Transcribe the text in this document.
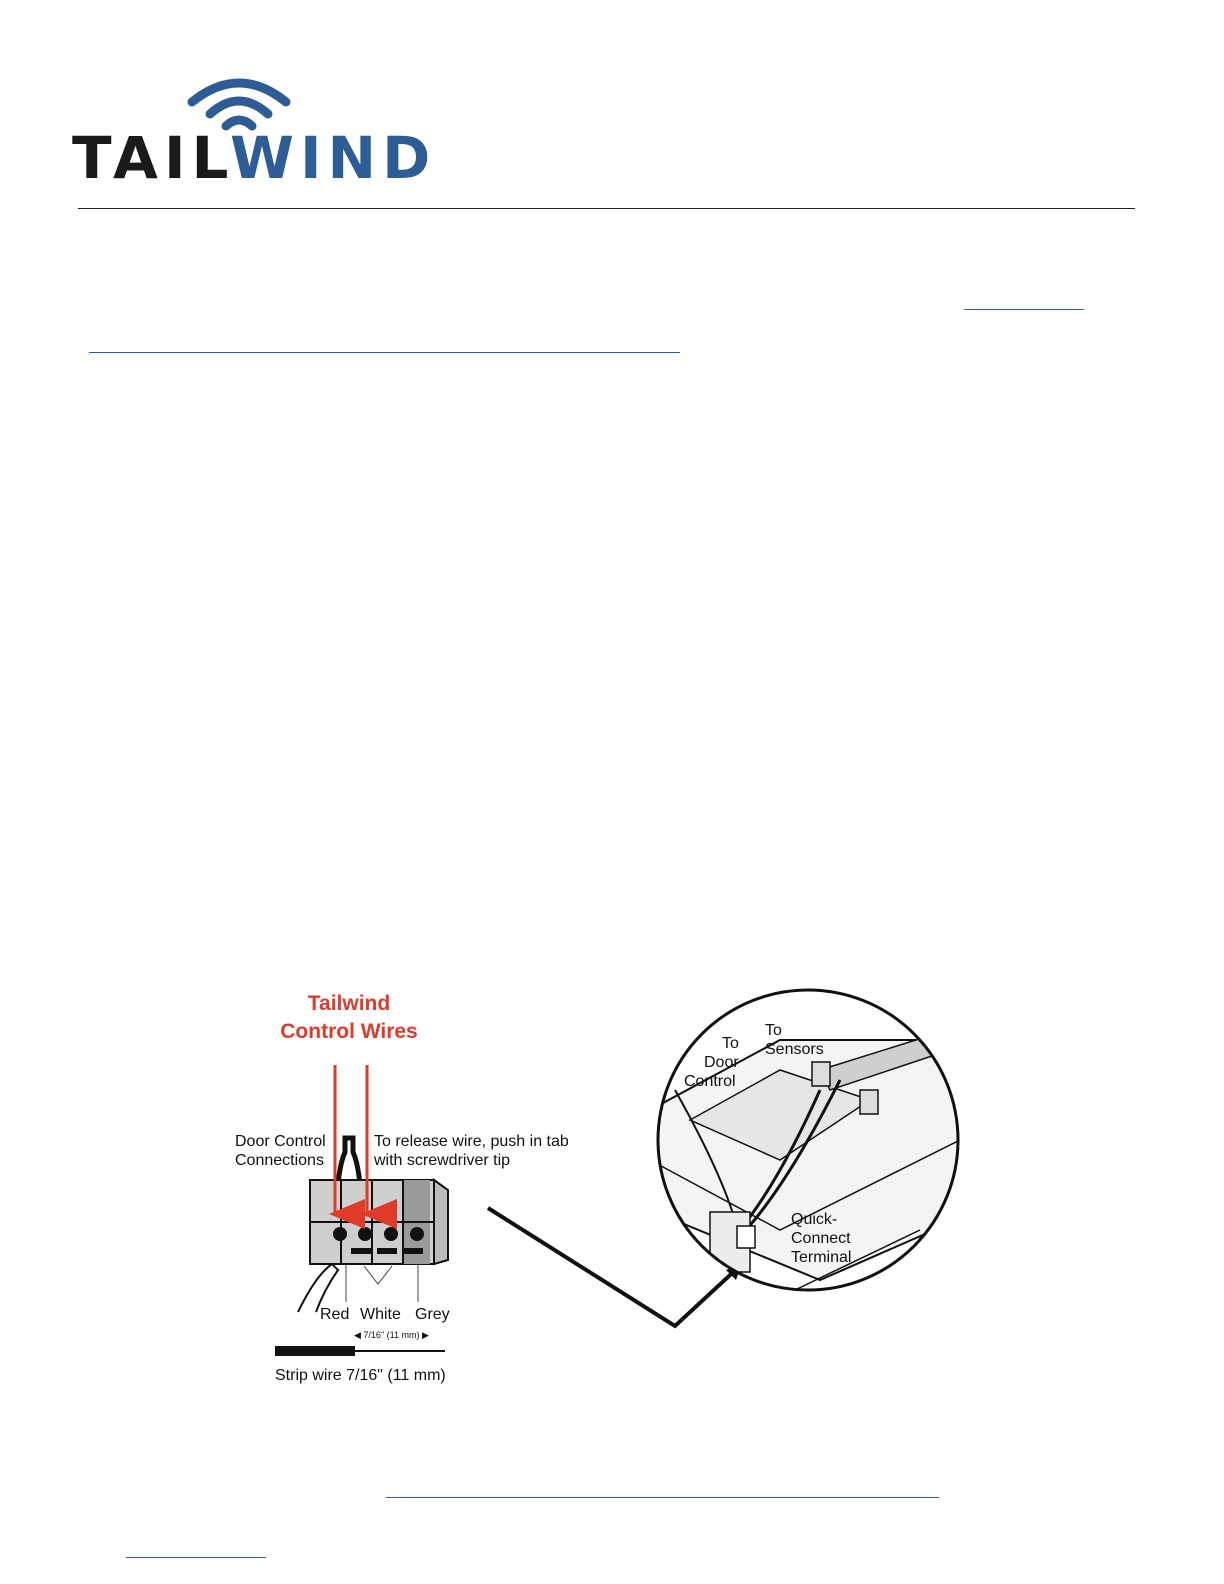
TAILWIND
Tailwind
Control Wires
Door Control
Connections
To release wire, push in tab
with screwdriver tip
Red White Grey
◀ 7/16" (11 mm) ▶
Strip wire 7/16" (11 mm)
To
Door
Control
To
Sensors
Quick-
Connect
Terminal
